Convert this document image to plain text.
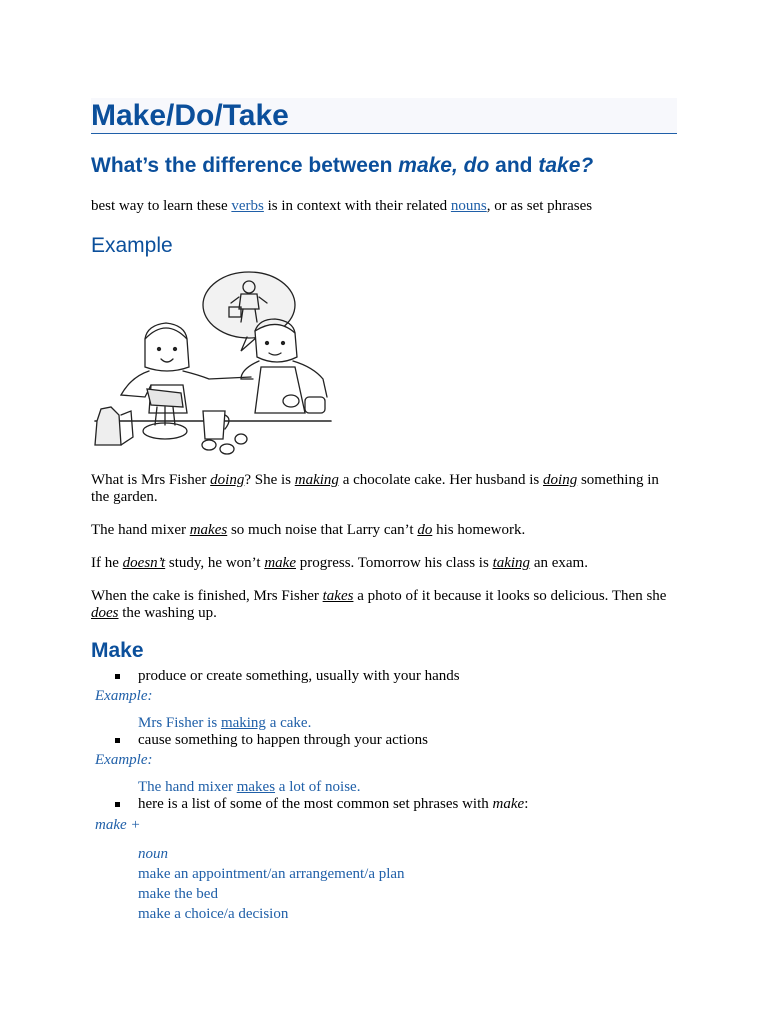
Make/Do/Take
What’s the difference between make, do and take?

best way to learn these verbs is in context with their related nouns, or as set phrases

Example

What is Mrs Fisher doing? She is making a chocolate cake. Her husband is doing something in the garden.

The hand mixer makes so much noise that Larry can’t do his homework.

If he doesn’t study, he won’t make progress. Tomorrow his class is taking an exam.

When the cake is finished, Mrs Fisher takes a photo of it because it looks so delicious. Then she does the washing up.

Make
produce or create something, usually with your hands
Example:
Mrs Fisher is making a cake.
cause something to happen through your actions
Example:
The hand mixer makes a lot of noise.
here is a list of some of the most common set phrases with make:
make +
noun
make an appointment/an arrangement/a plan
make the bed
make a choice/a decision
